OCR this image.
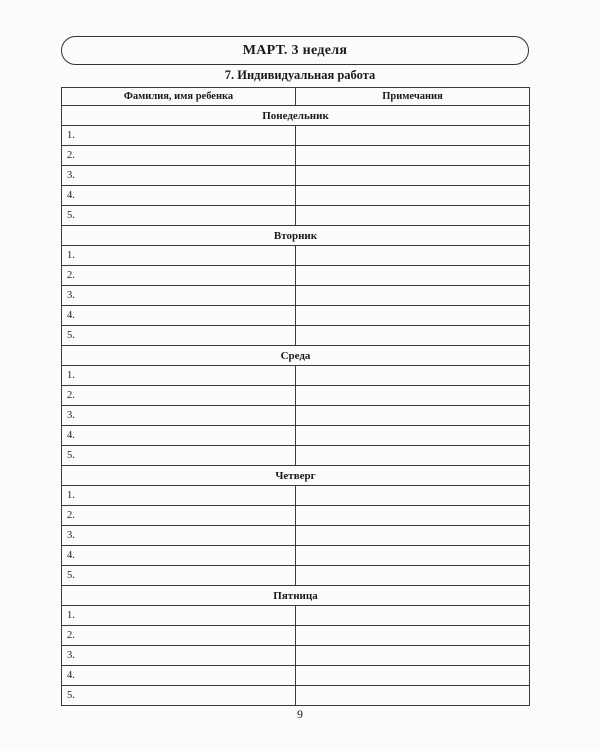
МАРТ. 3 неделя
7. Индивидуальная работа
Фамилия, имя ребенка	Примечания
Понедельник	
1.	
2.	
3.	
4.	
5.	
Вторник	
1.	
2.	
3.	
4.	
5.	
Среда	
1.	
2.	
3.	
4.	
5.	
Четверг	
1.	
2.	
3.	
4.	
5.	
Пятница	
1.	
2.	
3.	
4.	
5.	
9
